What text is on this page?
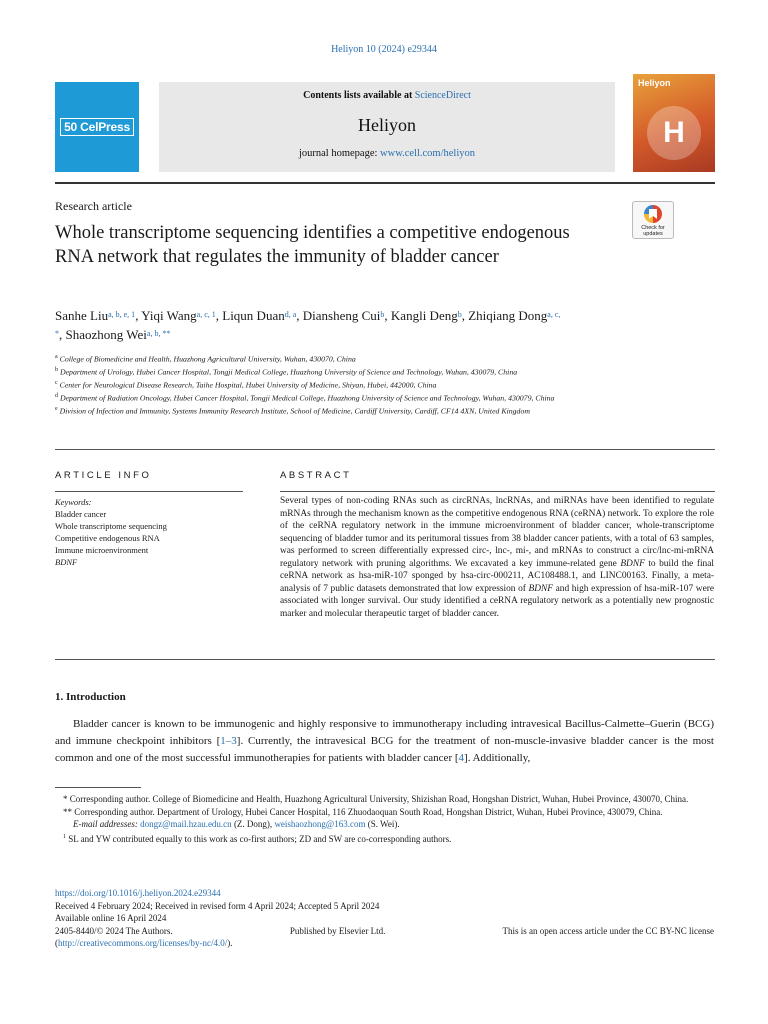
Heliyon 10 (2024) e29344
50 CelPress
Contents lists available at ScienceDirect
Heliyon
journal homepage: www.cell.com/heliyon
Heliyon
H
Research article
Check for updates
Whole transcriptome sequencing identifies a competitive endogenous RNA network that regulates the immunity of bladder cancer
Sanhe Liu$^{a, b, e, 1}$, Yiqi Wang$^{a, c, 1}$, Liqun Duan$^{d, a}$, Diansheng Cui$^b$, Kangli Deng$^b$, Zhiqiang Dong$^{a, c, *}$, Shaozhong Wei$^{a, b, **}$
$^a$ College of Biomedicine and Health, Huazhong Agricultural University, Wuhan, 430070, China
$^b$ Department of Urology, Hubei Cancer Hospital, Tongji Medical College, Huazhong University of Science and Technology, Wuhan, 430079, China
$^c$ Center for Neurological Disease Research, Taihe Hospital, Hubei University of Medicine, Shiyan, Hubei, 442000, China
$^d$ Department of Radiation Oncology, Hubei Cancer Hospital, Tongji Medical College, Huazhong University of Science and Technology, Wuhan, 430079, China
$^e$ Division of Infection and Immunity, Systems Immunity Research Institute, School of Medicine, Cardiff University, Cardiff, CF14 4XN, United Kingdom
ARTICLE INFO	ABSTRACT
Keywords:
Bladder cancer
Whole transcriptome sequencing
Competitive endogenous RNA
Immune microenvironment
BDNF
Several types of non-coding RNAs such as circRNAs, lncRNAs, and miRNAs have been identified to regulate mRNAs through the mechanism known as the competitive endogenous RNA (ceRNA) network. To explore the role of the ceRNA regulatory network in the immune microenvironment of bladder cancer, whole-transcriptome sequencing of bladder tumor and its peritumoral tissues from 38 bladder cancer patients, with a total of 63 samples, was performed to screen differentially expressed circ-, lnc-, mi-, and mRNAs to construct a circ/lnc-mi-mRNA regulatory network with pruning algorithms. We excavated a key immune-related gene BDNF to build the final ceRNA network as hsa-miR-107 sponged by hsa-circ-000211, AC108488.1, and LINC00163. Finally, a meta-analysis of 7 public datasets demonstrated that low expression of BDNF and high expression of hsa-miR-107 were associated with longer survival. Our study identified a ceRNA regulatory network as a potentially new prognostic marker and molecular therapeutic target of bladder cancer.
1. Introduction

Bladder cancer is known to be immunogenic and highly responsive to immunotherapy including intravesical Bacillus-Calmette–Guerin (BCG) and immune checkpoint inhibitors [1–3]. Currently, the intravesical BCG for the treatment of non-muscle-invasive bladder cancer is the most common and one of the most successful immunotherapies for patients with bladder cancer [4]. Additionally,

* Corresponding author. College of Biomedicine and Health, Huazhong Agricultural University, Shizishan Road, Hongshan District, Wuhan, Hubei Province, 430070, China.

** Corresponding author. Department of Urology, Hubei Cancer Hospital, 116 Zhuodaoquan South Road, Hongshan District, Wuhan, Hubei Province, 430079, China.

E-mail addresses: dongz@mail.hzau.edu.cn (Z. Dong), weishaozhong@163.com (S. Wei).

$^1$ SL and YW contributed equally to this work as co-first authors; ZD and SW are co-corresponding authors.

https://doi.org/10.1016/j.heliyon.2024.e29344

Received 4 February 2024; Received in revised form 4 April 2024; Accepted 5 April 2024

Available online 16 April 2024

2405-8440/© 2024 The Authors.	Published by Elsevier Ltd.	This is an open access article under the CC BY-NC license

(http://creativecommons.org/licenses/by-nc/4.0/).
